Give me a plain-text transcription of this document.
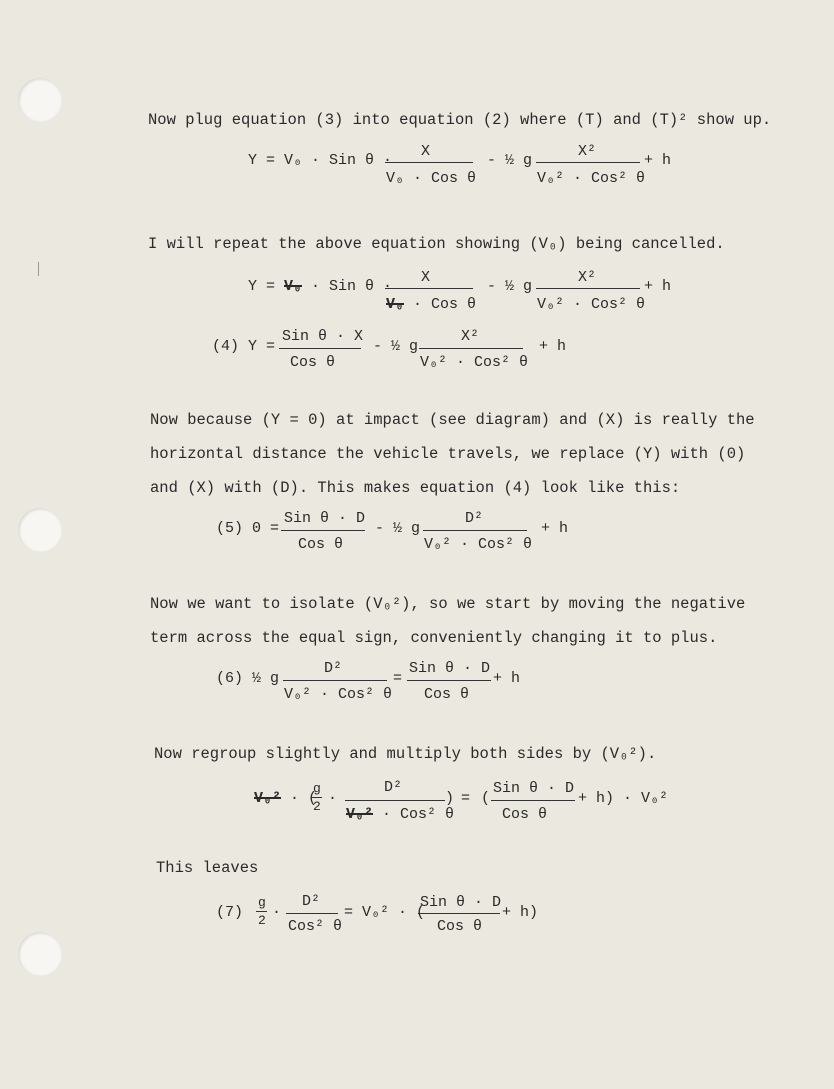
Now plug equation (3) into equation (2) where (T) and (T)² show up.
Y = V₀ · Sin θ ·
X
V₀ · Cos θ
- ½ g
X²
V₀² · Cos² θ
+ h
I will repeat the above equation showing (V₀) being cancelled.
Y = V₀ · Sin θ ·
X
V₀ · Cos θ
- ½ g
X²
V₀² · Cos² θ
+ h
(4) Y =
Sin θ · X
Cos θ
- ½ g
X²
V₀² · Cos² θ
+ h
Now because (Y = 0) at impact (see diagram) and (X) is really the
horizontal distance the vehicle travels, we replace (Y) with (0)
and (X) with (D). This makes equation (4) look like this:
(5) 0 =
Sin θ · D
Cos θ
- ½ g
D²
V₀² · Cos² θ
+ h
Now we want to isolate (V₀²), so we start by moving the negative
term across the equal sign, conveniently changing it to plus.
(6) ½ g
D²
V₀² · Cos² θ
=
Sin θ · D
Cos θ
+ h
Now regroup slightly and multiply both sides by (V₀²).
V₀² · (
g
2 ·
D²
V₀² · Cos² θ
) = (
Sin θ · D
Cos θ
+ h) · V₀²
This leaves
(7)
g
2 ·
D²
Cos² θ
= V₀² · (
Sin θ · D
Cos θ
+ h)
